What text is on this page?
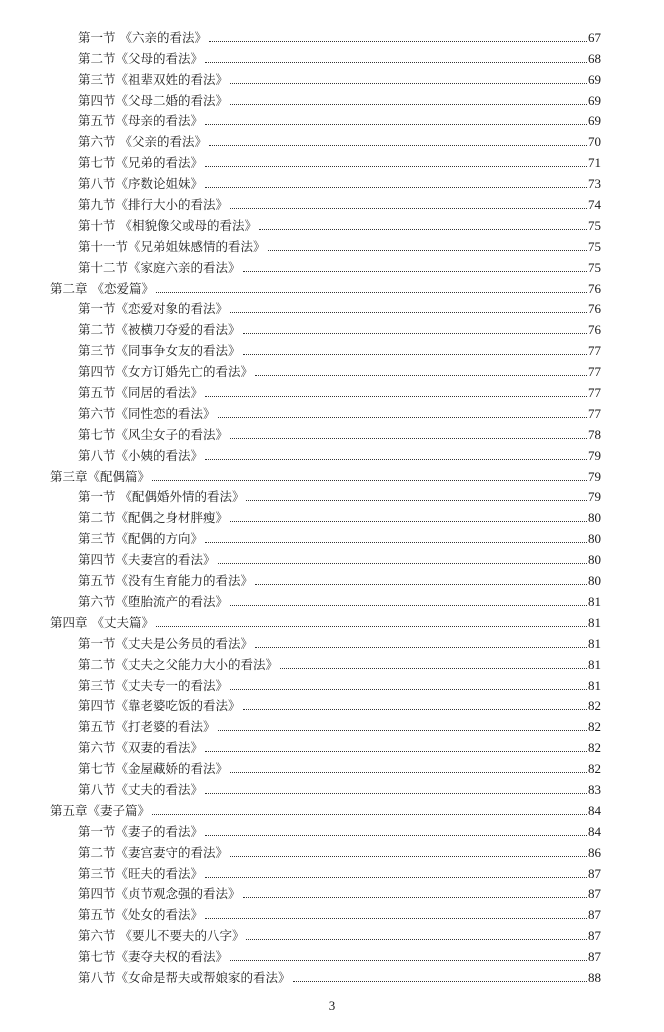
第一节 《六亲的看法》	67
第二节《父母的看法》	68
第三节《祖辈双姓的看法》	69
第四节《父母二婚的看法》	69
第五节《母亲的看法》	69
第六节 《父亲的看法》	70
第七节《兄弟的看法》	71
第八节《序数论姐妹》	73
第九节《排行大小的看法》	74
第十节 《相貌像父或母的看法》	75
第十一节《兄弟姐妹感情的看法》	75
第十二节《家庭六亲的看法》	75
第二章 《恋爱篇》	76
第一节《恋爱对象的看法》	76
第二节《被横刀夺爱的看法》	76
第三节《同事争女友的看法》	77
第四节《女方订婚先亡的看法》	77
第五节《同居的看法》	77
第六节《同性恋的看法》	77
第七节《风尘女子的看法》	78
第八节《小姨的看法》	79
第三章《配偶篇》	79
第一节 《配偶婚外情的看法》	79
第二节《配偶之身材胖瘦》	80
第三节《配偶的方向》	80
第四节《夫妻宫的看法》	80
第五节《没有生育能力的看法》	80
第六节《堕胎流产的看法》	81
第四章 《丈夫篇》	81
第一节《丈夫是公务员的看法》	81
第二节《丈夫之父能力大小的看法》	81
第三节《丈夫专一的看法》	81
第四节《靠老婆吃饭的看法》	82
第五节《打老婆的看法》	82
第六节《双妻的看法》	82
第七节《金屋藏娇的看法》	82
第八节《丈夫的看法》	83
第五章《妻子篇》	84
第一节《妻子的看法》	84
第二节《妻宫妻守的看法》	86
第三节《旺夫的看法》	87
第四节《贞节观念强的看法》	87
第五节《处女的看法》	87
第六节 《要儿不要夫的八字》	87
第七节《妻夺夫权的看法》	87
第八节《女命是帮夫或帮娘家的看法》	88
3
